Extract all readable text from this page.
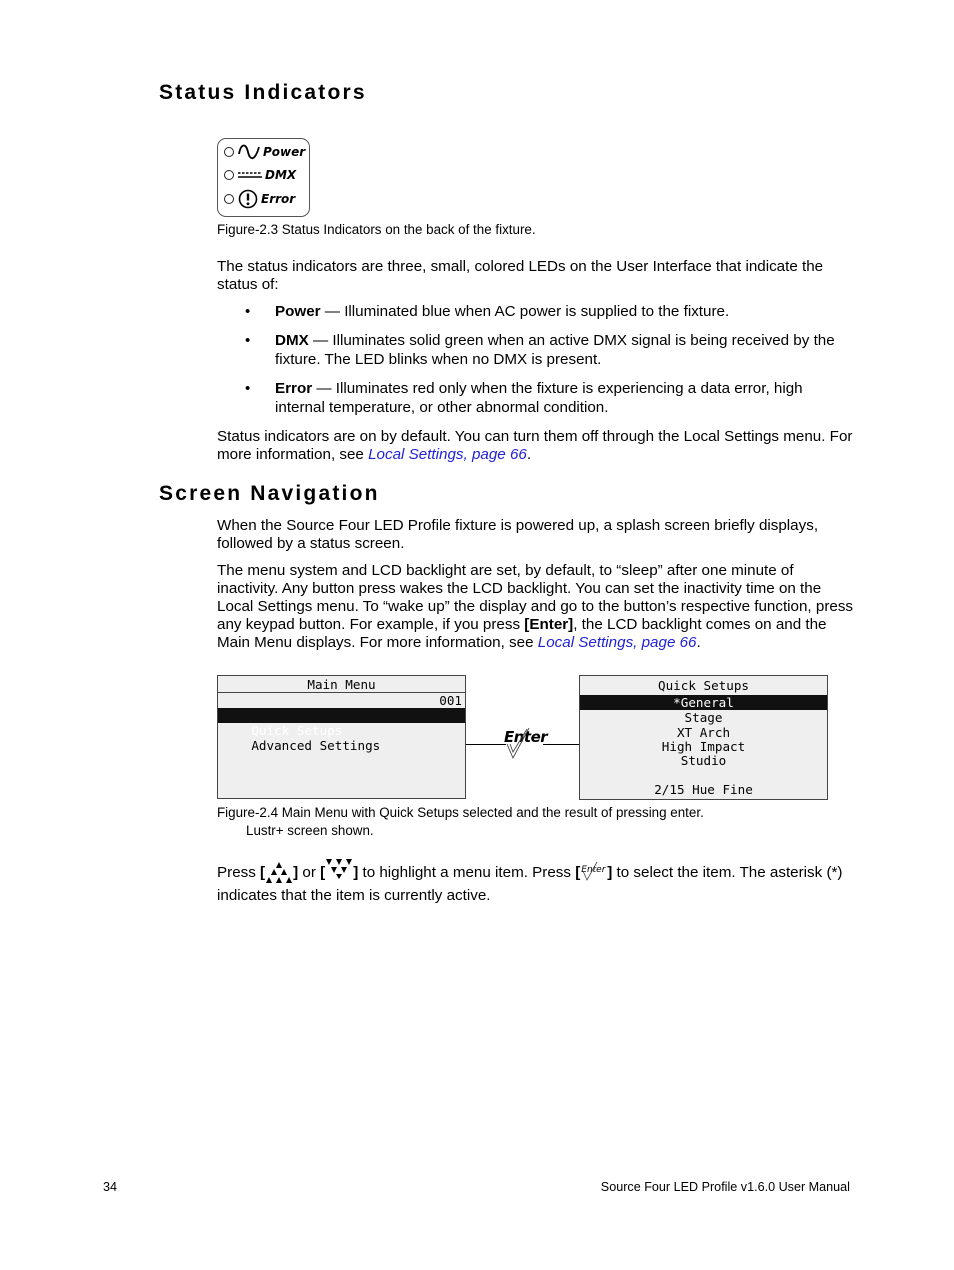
Status Indicators
Power
DMX
Error
Figure-2.3 Status Indicators on the back of the fixture.
The status indicators are three, small, colored LEDs on the User Interface that indicate the status of:
• Power — Illuminated blue when AC power is supplied to the fixture.
• DMX — Illuminates solid green when an active DMX signal is being received by the fixture. The LED blinks when no DMX is present.
• Error — Illuminates red only when the fixture is experiencing a data error, high internal temperature, or other abnormal condition.
Status indicators are on by default. You can turn them off through the Local Settings menu. For more information, see Local Settings, page 66.
Screen Navigation
When the Source Four LED Profile fixture is powered up, a splash screen briefly displays, followed by a status screen.
The menu system and LCD backlight are set, by default, to “sleep” after one minute of inactivity. Any button press wakes the LCD backlight. You can set the inactivity time on the Local Settings menu. To “wake up” the display and go to the button’s respective function, press any keypad button. For example, if you press [Enter], the LCD backlight comes on and the Main Menu displays. For more information, see Local Settings, page 66.
Main Menu

001

Quick Setups

Advanced Settings
	Enter
Quick Setups
*General
Stage
XT Arch
High Impact
Studio
2/15 Hue Fine
Figure-2.4 Main Menu with Quick Setups selected and the result of pressing enter.
Lustr+ screen shown.
Press [ ] or [ ] to highlight a menu item. Press [ Enter ] to select the item. The asterisk (*) indicates that the item is currently active.
34	Source Four LED Profile v1.6.0 User Manual
